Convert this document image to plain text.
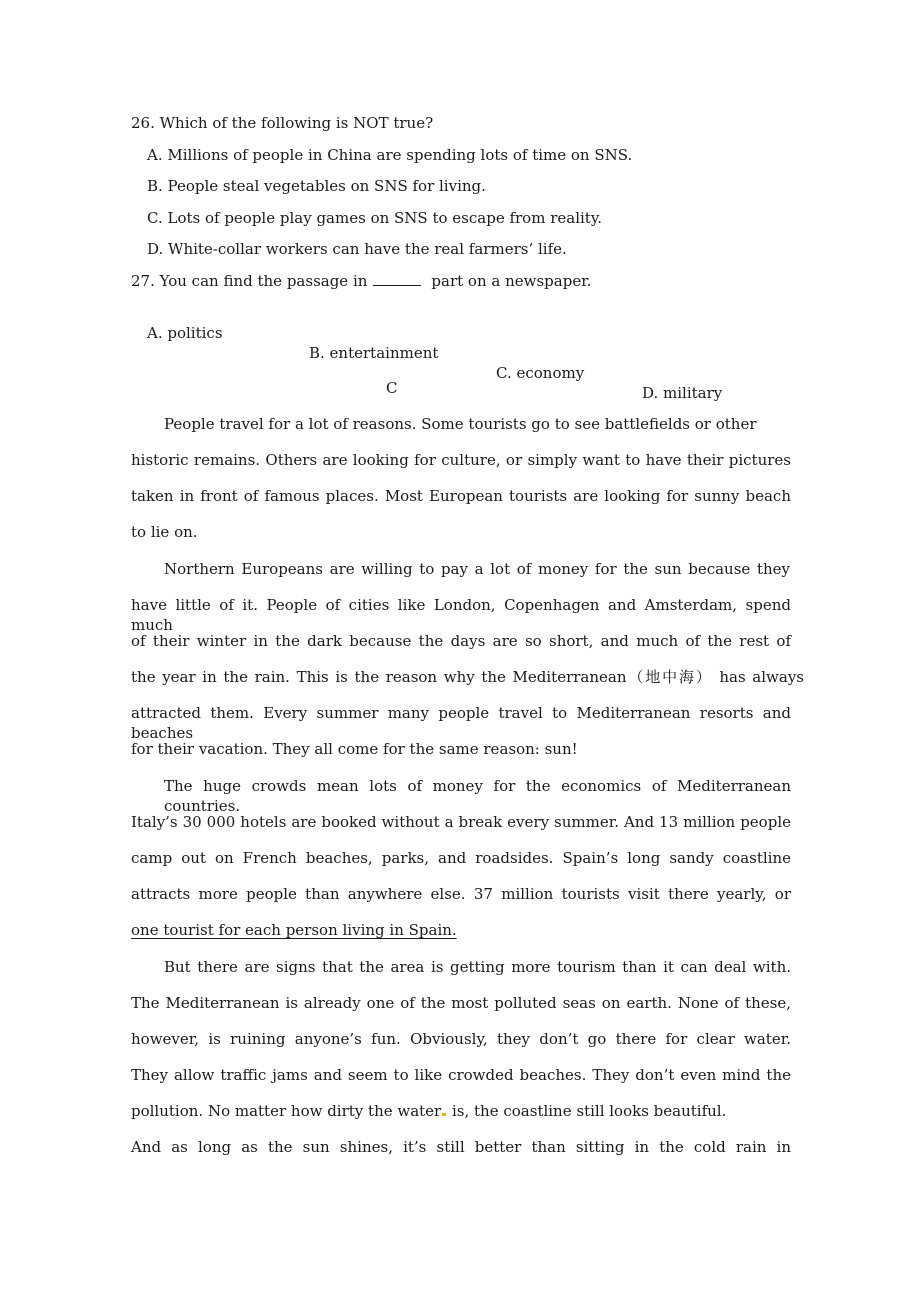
26. Which of the following is NOT true?
A. Millions of people in China are spending lots of time on SNS.
B. People steal vegetables on SNS for living.
C. Lots of people play games on SNS to escape from reality.
D. White-collar workers can have the real farmers’ life.
27. You can find the passage in	part on a newspaper.

A. politics

B. entertainment

C. economy

D. military

C
People travel for a lot of reasons. Some tourists go to see battlefields or other
historic remains. Others are looking for culture, or simply want to have their pictures
taken in front of famous places. Most European tourists are looking for sunny beach
to lie on.
Northern Europeans are willing to pay a lot of money for the sun because they
have little of it. People of cities like London, Copenhagen and Amsterdam, spend much
of their winter in the dark because the days are so short, and much of the rest of
the year in the rain. This is the reason why the Mediterranean（地中海） has always
attracted them. Every summer many people travel to Mediterranean resorts and beaches
for their vacation. They all come for the same reason: sun!
The huge crowds mean lots of money for the economics of Mediterranean countries.
Italy’s 30 000 hotels are booked without a break every summer. And 13 million people
camp out on French beaches, parks, and roadsides. Spain’s long sandy coastline
attracts more people than anywhere else. 37 million tourists visit there yearly, or
one tourist for each person living in Spain.
But there are signs that the area is getting more tourism than it can deal with.
The Mediterranean is already one of the most polluted seas on earth. None of these,
however, is ruining anyone’s fun. Obviously, they don’t go there for clear water.
They allow traffic jams and seem to like crowded beaches. They don’t even mind the
pollution. No matter how dirty the water is, the coastline still looks beautiful.
And as long as the sun shines, it’s still better than sitting in the cold rain in
